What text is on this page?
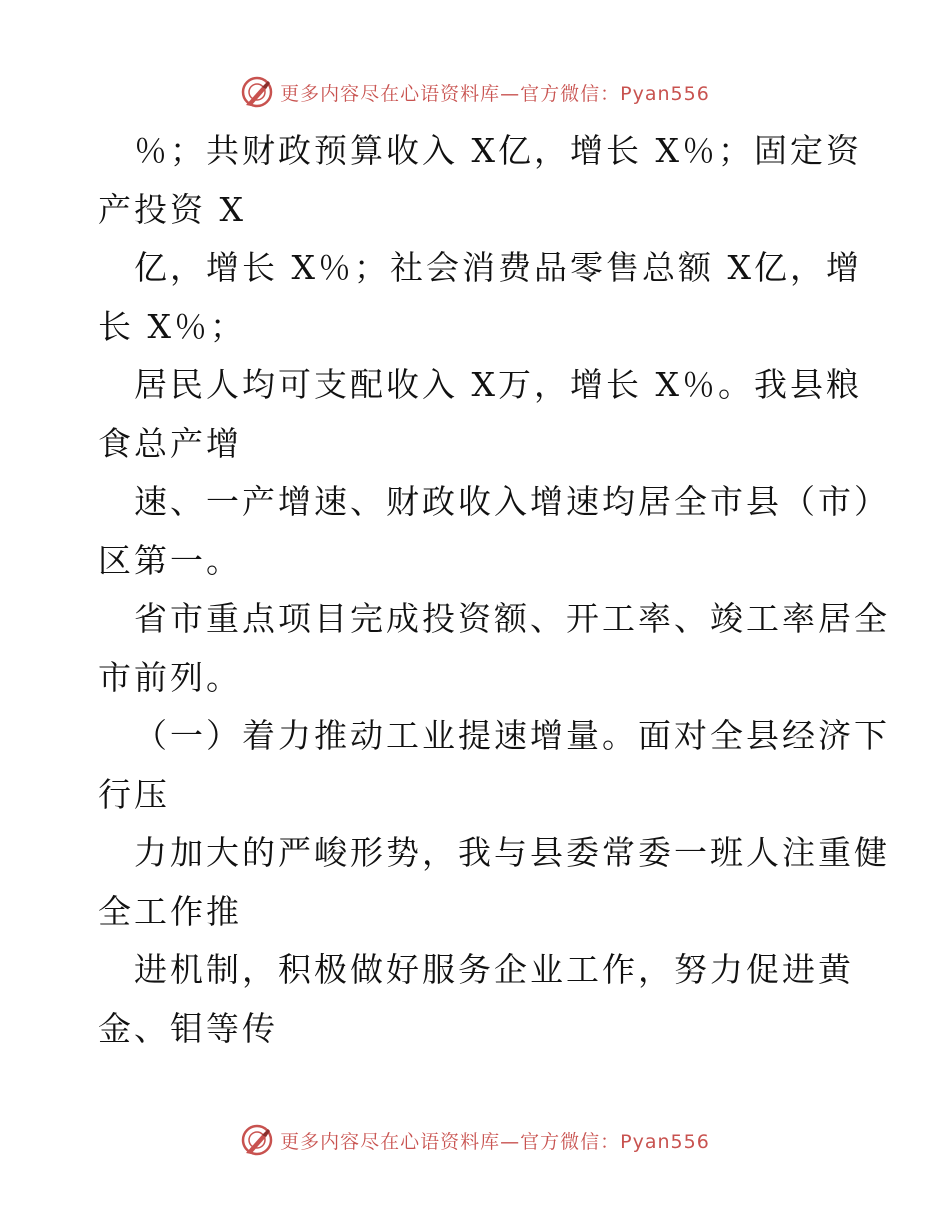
更多内容尽在心语资料库—官方微信：Pyan556
％；共财政预算收入 X亿，增长 X％；固定资
产投资 X
亿，增长 X％；社会消费品零售总额 X亿，增
长 X％；
居民人均可支配收入 X万，增长 X％。我县粮
食总产增
速、一产增速、财政收入增速均居全市县（市）
区第一。
省市重点项目完成投资额、开工率、竣工率居全
市前列。
（一）着力推动工业提速增量。面对全县经济下
行压
力加大的严峻形势，我与县委常委一班人注重健
全工作推
进机制，积极做好服务企业工作，努力促进黄
金、钼等传
更多内容尽在心语资料库—官方微信：Pyan556
